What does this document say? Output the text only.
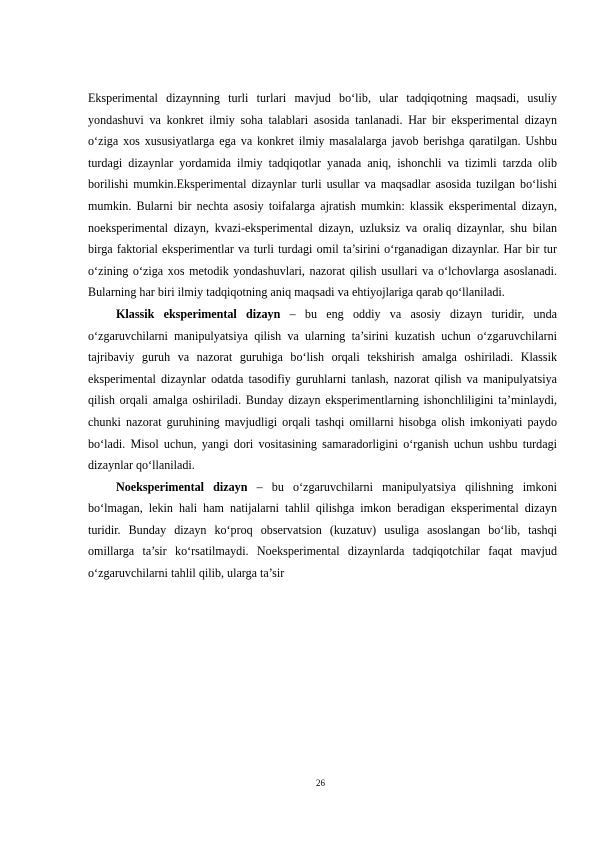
Eksperimental dizaynning turli turlari mavjud bo‘lib, ular tadqiqotning maqsadi, usuliy yondashuvi va konkret ilmiy soha talablari asosida tanlanadi. Har bir eksperimental dizayn o‘ziga xos xususiyatlarga ega va konkret ilmiy masalalarga javob berishga qaratilgan. Ushbu turdagi dizaynlar yordamida ilmiy tadqiqotlar yanada aniq, ishonchli va tizimli tarzda olib borilishi mumkin.Eksperimental dizaynlar turli usullar va maqsadlar asosida tuzilgan bo‘lishi mumkin. Bularni bir nechta asosiy toifalarga ajratish mumkin: klassik eksperimental dizayn, noeksperimental dizayn, kvazi-eksperimental dizayn, uzluksiz va oraliq dizaynlar, shu bilan birga faktorial eksperimentlar va turli turdagi omil ta’sirini o‘rganadigan dizaynlar. Har bir tur o‘zining o‘ziga xos metodik yondashuvlari, nazorat qilish usullari va o‘lchovlarga asoslanadi. Bularning har biri ilmiy tadqiqotning aniq maqsadi va ehtiyojlariga qarab qo‘llaniladi.

Klassik eksperimental dizayn – bu eng oddiy va asosiy dizayn turidir, unda o‘zgaruvchilarni manipulyatsiya qilish va ularning ta’sirini kuzatish uchun o‘zgaruvchilarni tajribaviy guruh va nazorat guruhiga bo‘lish orqali tekshirish amalga oshiriladi. Klassik eksperimental dizaynlar odatda tasodifiy guruhlarni tanlash, nazorat qilish va manipulyatsiya qilish orqali amalga oshiriladi. Bunday dizayn eksperimentlarning ishonchliligini ta’minlaydi, chunki nazorat guruhining mavjudligi orqali tashqi omillarni hisobga olish imkoniyati paydo bo‘ladi. Misol uchun, yangi dori vositasining samaradorligini o‘rganish uchun ushbu turdagi dizaynlar qo‘llaniladi.

Noeksperimental dizayn – bu o‘zgaruvchilarni manipulyatsiya qilishning imkoni bo‘lmagan, lekin hali ham natijalarni tahlil qilishga imkon beradigan eksperimental dizayn turidir. Bunday dizayn ko‘proq observatsion (kuzatuv) usuliga asoslangan bo‘lib, tashqi omillarga ta’sir ko‘rsatilmaydi. Noeksperimental dizaynlarda tadqiqotchilar faqat mavjud o‘zgaruvchilarni tahlil qilib, ularga ta’sir

26
